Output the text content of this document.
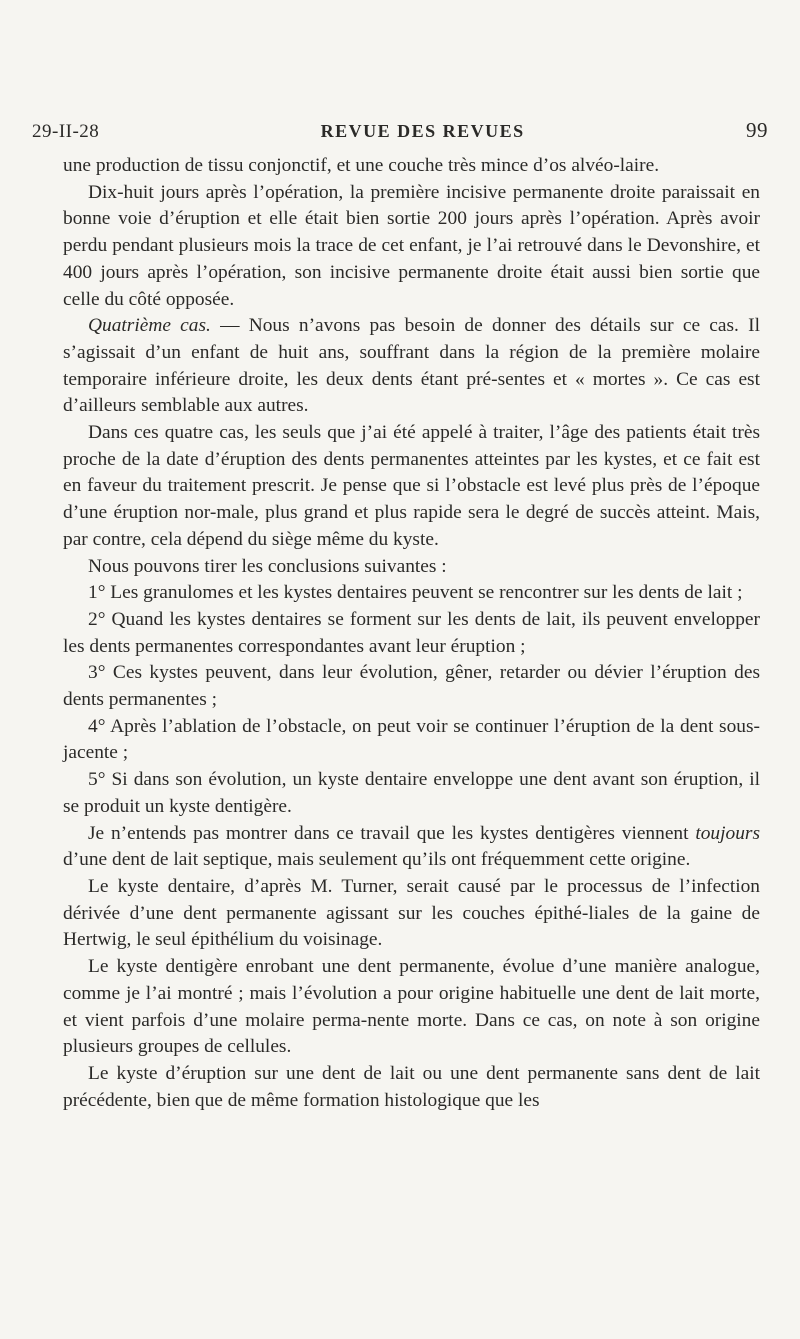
29-II-28	REVUE DES REVUES	99

une production de tissu conjonctif, et une couche très mince d’os alvéo-laire.

Dix-huit jours après l’opération, la première incisive permanente droite paraissait en bonne voie d’éruption et elle était bien sortie 200 jours après l’opération. Après avoir perdu pendant plusieurs mois la trace de cet enfant, je l’ai retrouvé dans le Devonshire, et 400 jours après l’opération, son incisive permanente droite était aussi bien sortie que celle du côté opposée.

Quatrième cas. — Nous n’avons pas besoin de donner des détails sur ce cas. Il s’agissait d’un enfant de huit ans, souffrant dans la région de la première molaire temporaire inférieure droite, les deux dents étant pré-sentes et « mortes ». Ce cas est d’ailleurs semblable aux autres.

Dans ces quatre cas, les seuls que j’ai été appelé à traiter, l’âge des patients était très proche de la date d’éruption des dents permanentes atteintes par les kystes, et ce fait est en faveur du traitement prescrit. Je pense que si l’obstacle est levé plus près de l’époque d’une éruption nor-male, plus grand et plus rapide sera le degré de succès atteint. Mais, par contre, cela dépend du siège même du kyste.

Nous pouvons tirer les conclusions suivantes :

1° Les granulomes et les kystes dentaires peuvent se rencontrer sur les dents de lait ;

2° Quand les kystes dentaires se forment sur les dents de lait, ils peuvent envelopper les dents permanentes correspondantes avant leur éruption ;

3° Ces kystes peuvent, dans leur évolution, gêner, retarder ou dévier l’éruption des dents permanentes ;

4° Après l’ablation de l’obstacle, on peut voir se continuer l’éruption de la dent sous-jacente ;

5° Si dans son évolution, un kyste dentaire enveloppe une dent avant son éruption, il se produit un kyste dentigère.

Je n’entends pas montrer dans ce travail que les kystes dentigères viennent toujours d’une dent de lait septique, mais seulement qu’ils ont fréquemment cette origine.

Le kyste dentaire, d’après M. Turner, serait causé par le processus de l’infection dérivée d’une dent permanente agissant sur les couches épithé-liales de la gaine de Hertwig, le seul épithélium du voisinage.

Le kyste dentigère enrobant une dent permanente, évolue d’une manière analogue, comme je l’ai montré ; mais l’évolution a pour origine habituelle une dent de lait morte, et vient parfois d’une molaire perma-nente morte. Dans ce cas, on note à son origine plusieurs groupes de cellules.

Le kyste d’éruption sur une dent de lait ou une dent permanente sans dent de lait précédente, bien que de même formation histologique que les
